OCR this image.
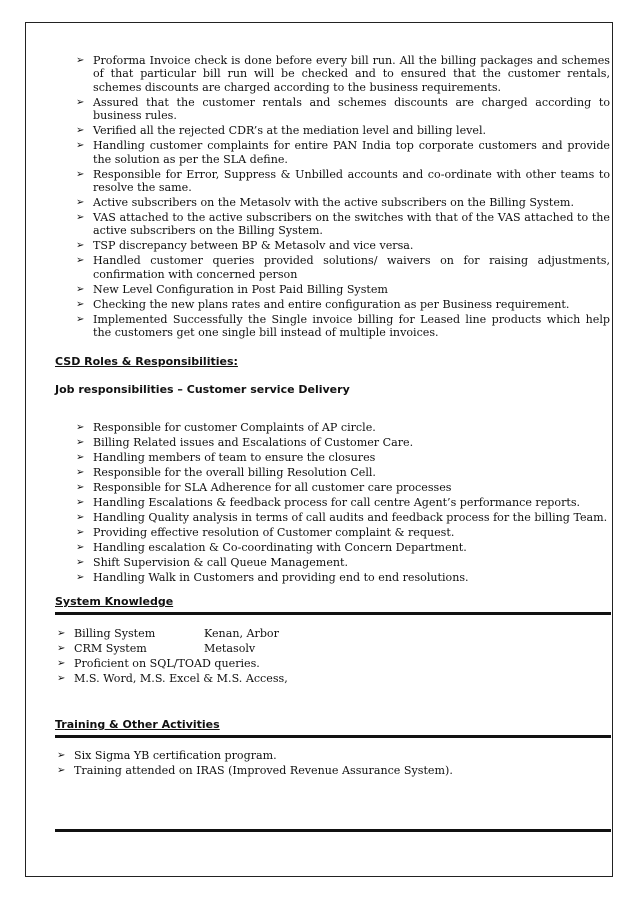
➢ Proforma Invoice check is done before every bill run. All the billing packages and schemes of that particular bill run will be checked and to ensured that the customer rentals, schemes discounts are charged according to the business requirements.
➢ Assured that the customer rentals and schemes discounts are charged according to business rules.
➢ Verified all the rejected CDR’s at the mediation level and billing level.
➢ Handling customer complaints for entire PAN India top corporate customers and provide the solution as per the SLA define.
➢ Responsible for Error, Suppress & Unbilled accounts and co-ordinate with other teams to resolve the same.
➢ Active subscribers on the Metasolv with the active subscribers on the Billing System.
➢ VAS attached to the active subscribers on the switches with that of the VAS attached to the active subscribers on the Billing System.
➢ TSP discrepancy between BP & Metasolv and vice versa.
➢ Handled customer queries provided solutions/ waivers on for raising adjustments, confirmation with concerned person
➢ New Level Configuration in Post Paid Billing System
➢ Checking the new plans rates and entire configuration as per Business requirement.
➢ Implemented Successfully the Single invoice billing for Leased line products which help the customers get one single bill instead of multiple invoices.
CSD Roles & Responsibilities:
Job responsibilities – Customer service Delivery
➢ Responsible for customer Complaints of AP circle.
➢ Billing Related issues and Escalations of Customer Care.
➢ Handling members of team to ensure the closures
➢ Responsible for the overall billing Resolution Cell.
➢ Responsible for SLA Adherence for all customer care processes
➢ Handling Escalations & feedback process for call centre Agent’s performance reports.
➢ Handling Quality analysis in terms of call audits and feedback process for the billing Team.
➢ Providing effective resolution of Customer complaint & request.
➢ Handling escalation & Co-coordinating with Concern Department.
➢ Shift Supervision & call Queue Management.
➢ Handling Walk in Customers and providing end to end resolutions.
System Knowledge
➢ Billing System	Kenan, Arbor
➢ CRM System	Metasolv
➢ Proficient on SQL/TOAD queries.
➢ M.S. Word, M.S. Excel & M.S. Access,
Training & Other Activities
➢ Six Sigma YB certification program.
➢ Training attended on IRAS (Improved Revenue Assurance System).
